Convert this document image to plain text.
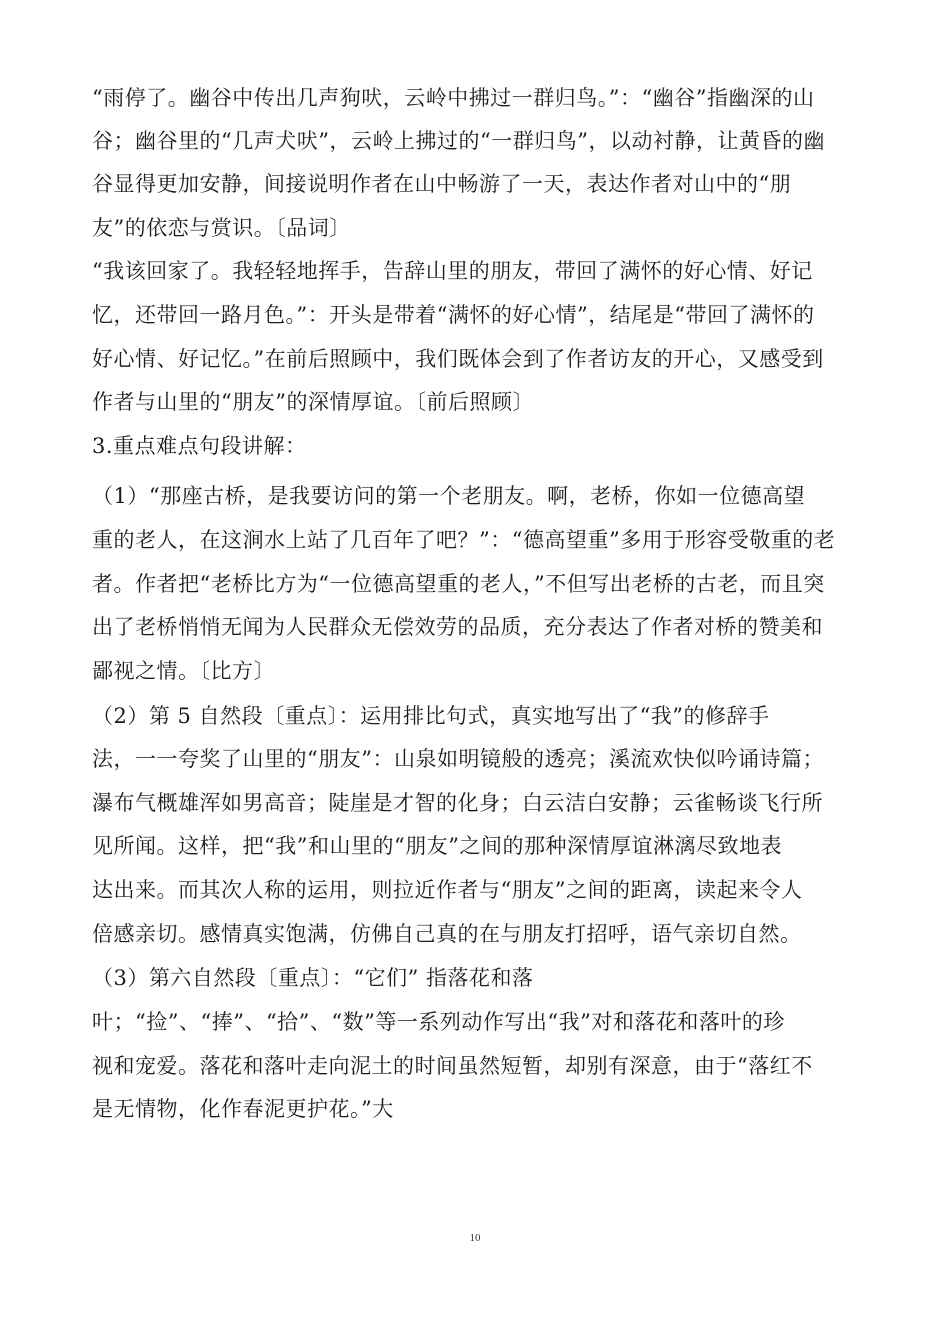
“雨停了。幽谷中传出几声狗吠，云岭中拂过一群归鸟。”：“幽谷”指幽深的山
谷；幽谷里的“几声犬吠”，云岭上拂过的“一群归鸟”，以动衬静，让黄昏的幽
谷显得更加安静，间接说明作者在山中畅游了一天，表达作者对山中的“朋
友”的依恋与赏识。〔品词〕
“我该回家了。我轻轻地挥手，告辞山里的朋友，带回了满怀的好心情、好记
忆，还带回一路月色。”：开头是带着“满怀的好心情”，结尾是“带回了满怀的
好心情、好记忆。”在前后照顾中，我们既体会到了作者访友的开心，又感受到
作者与山里的“朋友”的深情厚谊。〔前后照顾〕
3.重点难点句段讲解：
（1）“那座古桥，是我要访问的第一个老朋友。啊，老桥，你如一位德高望
重的老人，在这涧水上站了几百年了吧？”：“德高望重”多用于形容受敬重的老
者。作者把“老桥比方为“一位德高望重的老人，”不但写出老桥的古老，而且突
出了老桥悄悄无闻为人民群众无偿效劳的品质，充分表达了作者对桥的赞美和
鄙视之情。〔比方〕
（2）第 5 自然段〔重点〕：运用排比句式，真实地写出了“我”的修辞手
法，一一夸奖了山里的“朋友”：山泉如明镜般的透亮；溪流欢快似吟诵诗篇；
瀑布气概雄浑如男高音；陡崖是才智的化身；白云洁白安静；云雀畅谈飞行所
见所闻。这样，把“我”和山里的“朋友”之间的那种深情厚谊淋漓尽致地表
达出来。而其次人称的运用，则拉近作者与“朋友”之间的距离，读起来令人
倍感亲切。感情真实饱满，仿佛自己真的在与朋友打招呼，语气亲切自然。
（3）第六自然段〔重点〕：“它们” 指落花和落
叶；“捡”、“捧”、“拾”、“数”等一系列动作写出“我”对和落花和落叶的珍
视和宠爱。落花和落叶走向泥土的时间虽然短暂，却别有深意，由于“落红不
是无情物，化作春泥更护花。”大
10
